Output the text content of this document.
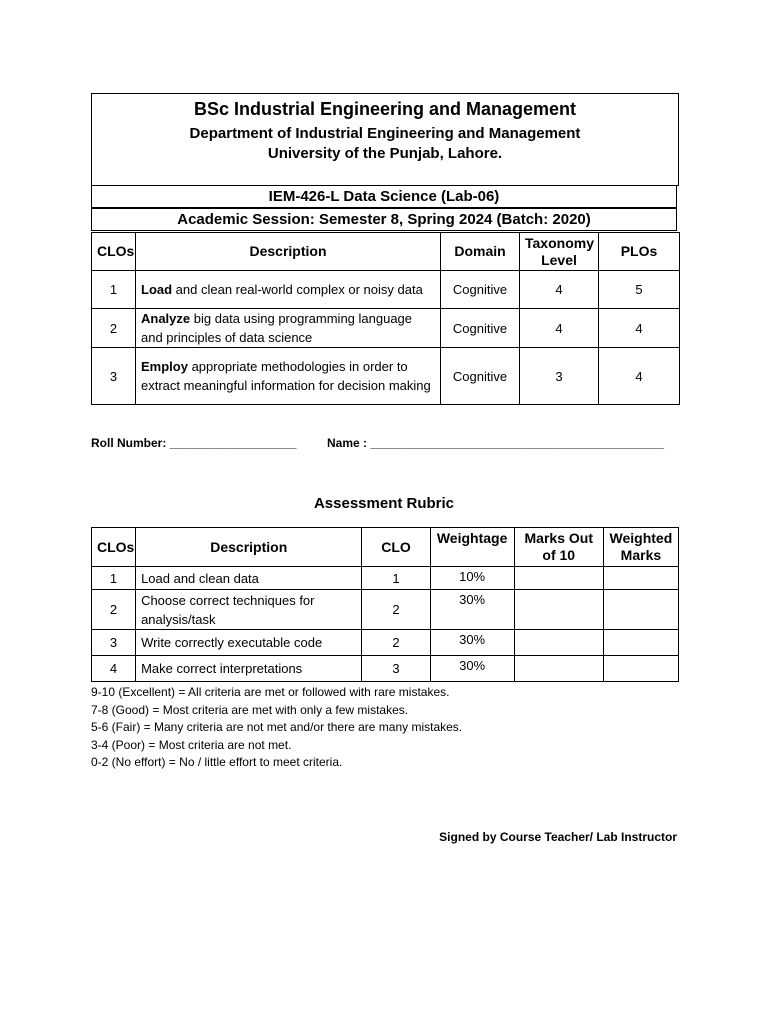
BSc Industrial Engineering and Management
Department of Industrial Engineering and Management
University of the Punjab, Lahore.
IEM-426-L Data Science (Lab-06)
Academic Session: Semester 8, Spring 2024 (Batch: 2020)
CLOs	Description	Domain	Taxonomy Level	PLOs
1	Load and clean real-world complex or noisy data	Cognitive	4	5
2	Analyze big data using programming language and principles of data science	Cognitive	4	4
3	Employ appropriate methodologies in order to extract meaningful information for decision making	Cognitive	3	4
Roll Number: ___________________	Name : ____________________________________________
Assessment Rubric
CLOs	Description	CLO	Weightage	Marks Out of 10	Weighted Marks
1	Load and clean data	1	10%		
2	Choose correct techniques for analysis/task	2	30%		
3	Write correctly executable code	2	30%		
4	Make correct interpretations	3	30%		
9-10 (Excellent) = All criteria are met or followed with rare mistakes.
7-8 (Good) = Most criteria are met with only a few mistakes.
5-6 (Fair) = Many criteria are not met and/or there are many mistakes.
3-4 (Poor) = Most criteria are not met.
0-2 (No effort) = No / little effort to meet criteria.
Signed by Course Teacher/ Lab Instructor
